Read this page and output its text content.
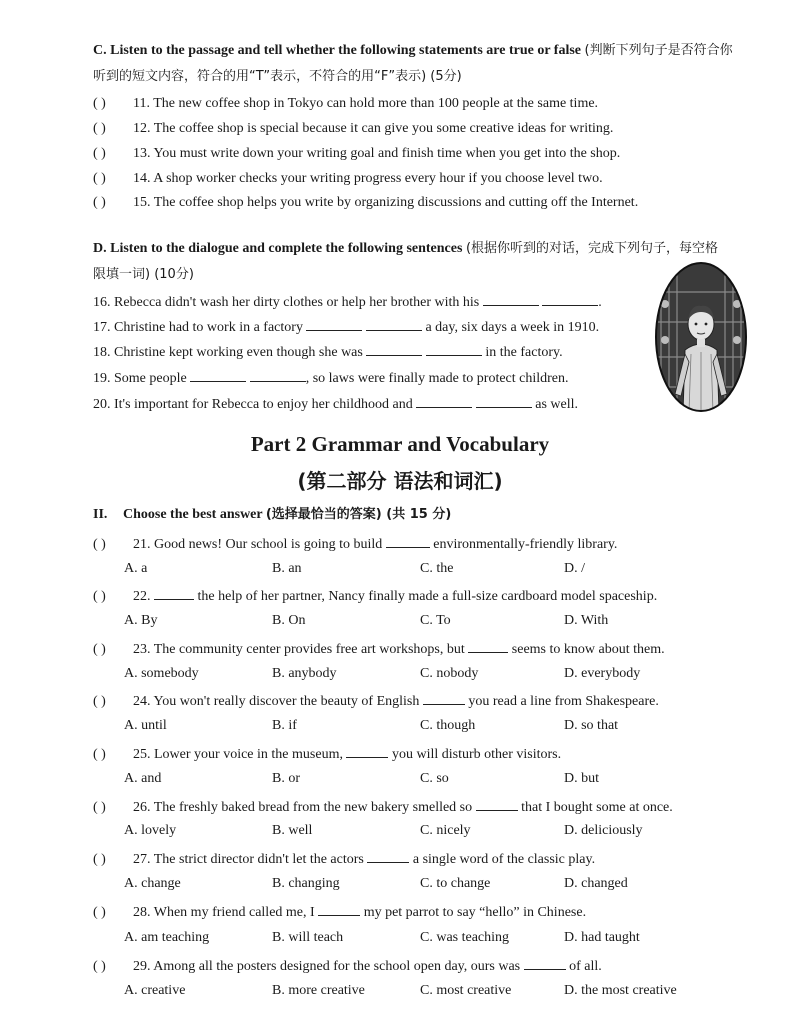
C. Listen to the passage and tell whether the following statements are true or false (判断下列句子是否符合你听到的短文内容，符合的用“T”表示，不符合的用“F”表示) (5分)
( ) 11. The new coffee shop in Tokyo can hold more than 100 people at the same time.
( ) 12. The coffee shop is special because it can give you some creative ideas for writing.
( ) 13. You must write down your writing goal and finish time when you get into the shop.
( ) 14. A shop worker checks your writing progress every hour if you choose level two.
( ) 15. The coffee shop helps you write by organizing discussions and cutting off the Internet.
D. Listen to the dialogue and complete the following sentences (根据你听到的对话，完成下列句子，每空格限填一词) (10分)
16. Rebecca didn't wash her dirty clothes or help her brother with his	.
17. Christine had to work in a factory	a day, six days a week in 1910.
18. Christine kept working even though she was	in the factory.
19. Some people	, so laws were finally made to protect children.
20. It's important for Rebecca to enjoy her childhood and	as well.
Part 2 Grammar and Vocabulary
(第二部分 语法和词汇)
II. Choose the best answer (选择最恰当的答案) (共 15 分)
( ) 21. Good news! Our school is going to build	environmentally-friendly library.
A. a	B. an	C. the	D. /
( ) 22.	the help of her partner, Nancy finally made a full-size cardboard model spaceship.
A. By	B. On	C. To	D. With
( ) 23. The community center provides free art workshops, but	seems to know about them.
A. somebody	B. anybody	C. nobody	D. everybody
( ) 24. You won't really discover the beauty of English	you read a line from Shakespeare.
A. until	B. if	C. though	D. so that
( ) 25. Lower your voice in the museum,	you will disturb other visitors.
A. and	B. or	C. so	D. but
( ) 26. The freshly baked bread from the new bakery smelled so	that I bought some at once.
A. lovely	B. well	C. nicely	D. deliciously
( ) 27. The strict director didn't let the actors	a single word of the classic play.
A. change	B. changing	C. to change	D. changed
( ) 28. When my friend called me, I	my pet parrot to say “hello” in Chinese.
A. am teaching	B. will teach	C. was teaching	D. had taught
( ) 29. Among all the posters designed for the school open day, ours was	of all.
A. creative	B. more creative	C. most creative	D. the most creative
